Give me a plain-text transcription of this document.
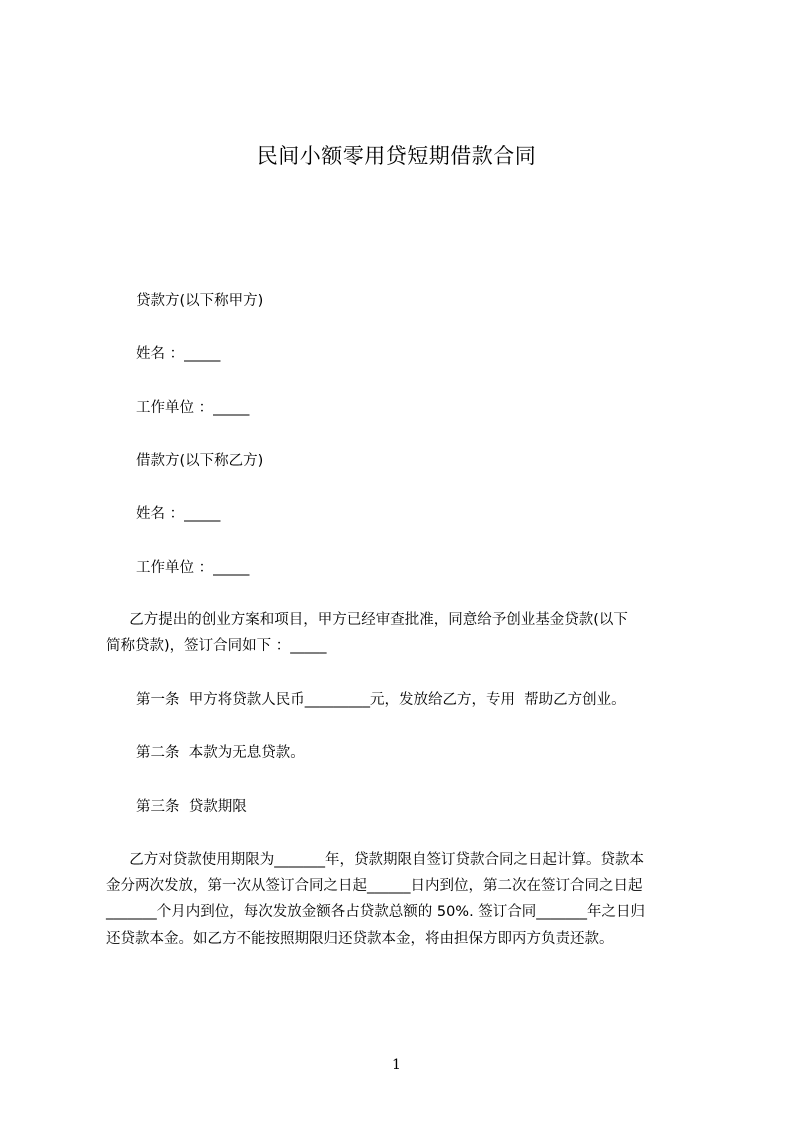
民间小额零用贷短期借款合同
贷款方(以下称甲方)
姓名 ：_____
工作单位 ：_____
借款方(以下称乙方)
姓名 ：_____
工作单位 ：_____
乙方提出的创业方案和项目，甲方已经审查批准，同意给予创业基金贷款(以下
简称贷款)，签订合同如下 ：_____
第一条  甲方将贷款人民币_________元，发放给乙方，专用  帮助乙方创业。
第二条  本款为无息贷款。
第三条  贷款期限
乙方对贷款使用期限为_______年，贷款期限自签订贷款合同之日起计算。贷款本
金分两次发放，第一次从签订合同之日起______日内到位，第二次在签订合同之日起
_______个月内到位，每次发放金额各占贷款总额的 50%. 签订合同_______年之日归
还贷款本金。如乙方不能按照期限归还贷款本金，将由担保方即丙方负责还款。
1
